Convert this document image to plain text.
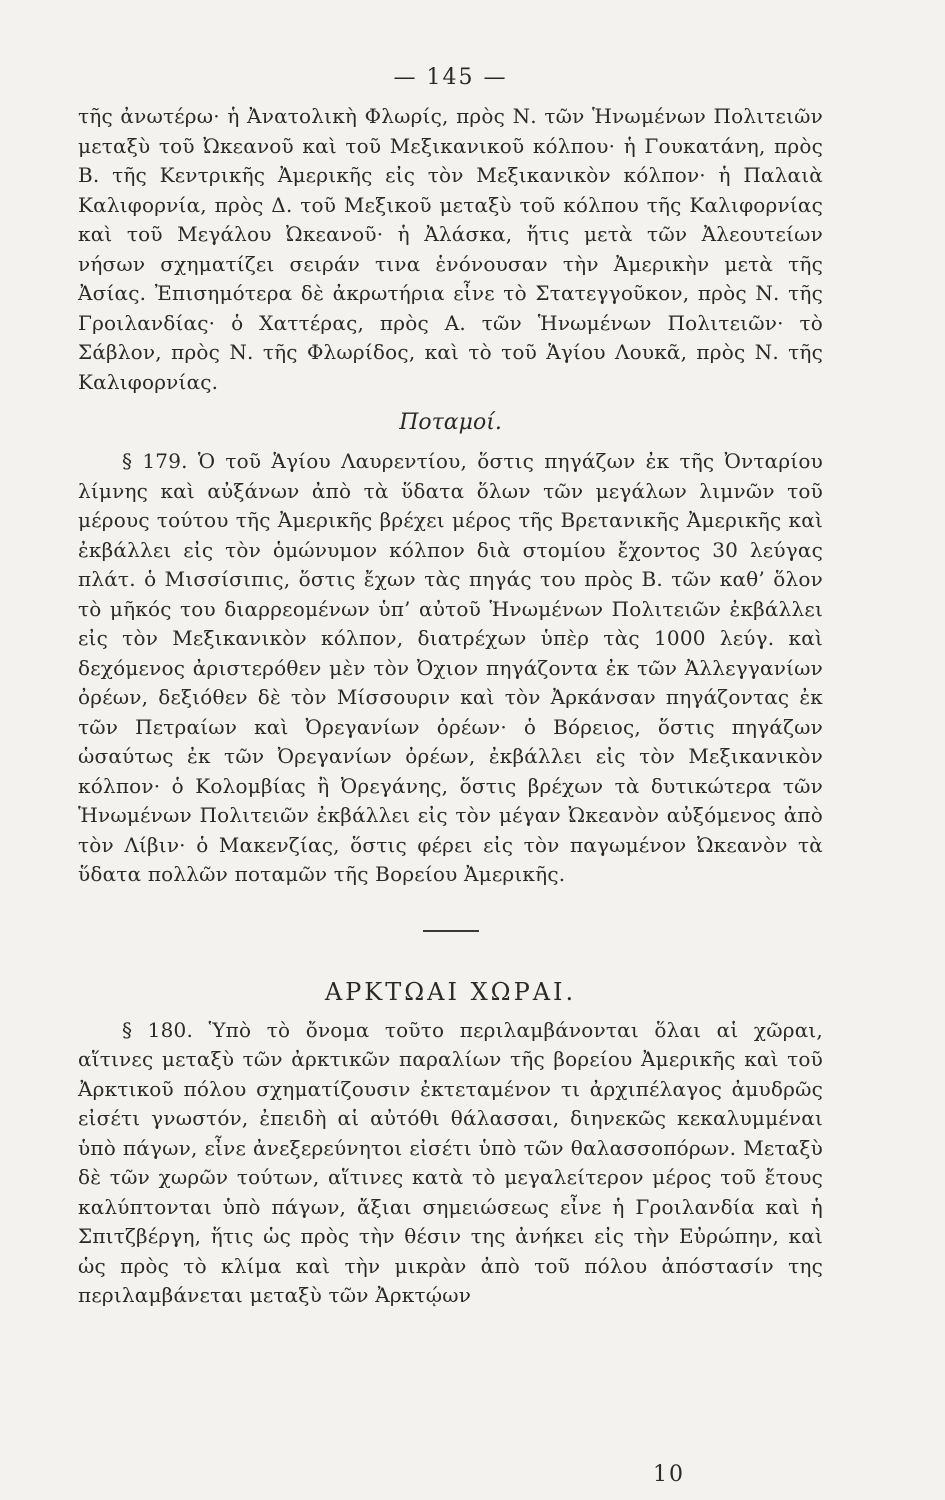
— 145 —

τῆς ἀνωτέρω· ἡ Ἀνατολικὴ Φλωρίς, πρὸς Ν. τῶν Ἡνωμένων Πολιτειῶν μεταξὺ τοῦ Ὠκεανοῦ καὶ τοῦ Μεξικανικοῦ κόλπου· ἡ Γουκατάνη, πρὸς Β. τῆς Κεντρικῆς Ἀμερικῆς εἰς τὸν Μεξικανικὸν κόλπον· ἡ Παλαιὰ Καλιφορνία, πρὸς Δ. τοῦ Μεξικοῦ μεταξὺ τοῦ κόλπου τῆς Καλιφορνίας καὶ τοῦ Μεγάλου Ὠκεανοῦ· ἡ Ἀλάσκα, ἥτις μετὰ τῶν Ἀλεουτείων νήσων σχηματίζει σειράν τινα ἑνόνουσαν τὴν Ἀμερικὴν μετὰ τῆς Ἀσίας. Ἐπισημότερα δὲ ἀκρωτήρια εἶνε τὸ Στατεγγοῦκον, πρὸς Ν. τῆς Γροιλανδίας· ὁ Χαττέρας, πρὸς Α. τῶν Ἡνωμένων Πολιτειῶν· τὸ Σάβλον, πρὸς Ν. τῆς Φλωρίδος, καὶ τὸ τοῦ Ἁγίου Λουκᾶ, πρὸς Ν. τῆς Καλιφορνίας.

Ποταμοί.

§ 179. Ὁ τοῦ Ἁγίου Λαυρεντίου, ὅστις πηγάζων ἐκ τῆς Ὀνταρίου λίμνης καὶ αὐξάνων ἀπὸ τὰ ὕδατα ὅλων τῶν μεγάλων λιμνῶν τοῦ μέρους τούτου τῆς Ἀμερικῆς βρέχει μέρος τῆς Βρετανικῆς Ἀμερικῆς καὶ ἐκβάλλει εἰς τὸν ὁμώνυμον κόλπον διὰ στομίου ἔχοντος 30 λεύγας πλάτ. ὁ Μισσίσιπις, ὅστις ἔχων τὰς πηγάς του πρὸς Β. τῶν καθ’ ὅλον τὸ μῆκός του διαρρεομένων ὑπ’ αὐτοῦ Ἡνωμένων Πολιτειῶν ἐκβάλλει εἰς τὸν Μεξικανικὸν κόλπον, διατρέχων ὑπὲρ τὰς 1000 λεύγ. καὶ δεχόμενος ἀριστερόθεν μὲν τὸν Ὀχιον πηγάζοντα ἐκ τῶν Ἀλλεγγανίων ὀρέων, δεξιόθεν δὲ τὸν Μίσσουριν καὶ τὸν Ἀρκάνσαν πηγάζοντας ἐκ τῶν Πετραίων καὶ Ὀρεγανίων ὀρέων· ὁ Βόρειος, ὅστις πηγάζων ὡσαύτως ἐκ τῶν Ὀρεγανίων ὀρέων, ἐκβάλλει εἰς τὸν Μεξικανικὸν κόλπον· ὁ Κολομβίας ἢ Ὀρεγάνης, ὅστις βρέχων τὰ δυτικώτερα τῶν Ἡνωμένων Πολιτειῶν ἐκβάλλει εἰς τὸν μέγαν Ὠκεανὸν αὐξόμενος ἀπὸ τὸν Λίβιν· ὁ Μακενζίας, ὅστις φέρει εἰς τὸν παγωμένον Ὠκεανὸν τὰ ὕδατα πολλῶν ποταμῶν τῆς Βορείου Ἀμερικῆς.

ΑΡΚΤΩΑΙ ΧΩΡΑΙ.

§ 180. Ὑπὸ τὸ ὄνομα τοῦτο περιλαμβάνονται ὅλαι αἱ χῶραι, αἵτινες μεταξὺ τῶν ἀρκτικῶν παραλίων τῆς βορείου Ἀμερικῆς καὶ τοῦ Ἀρκτικοῦ πόλου σχηματίζουσιν ἐκτεταμένον τι ἀρχιπέλαγος ἀμυδρῶς εἰσέτι γνωστόν, ἐπειδὴ αἱ αὐτόθι θάλασσαι, διηνεκῶς κεκαλυμμέναι ὑπὸ πάγων, εἶνε ἀνεξερεύνητοι εἰσέτι ὑπὸ τῶν θαλασσοπόρων. Μεταξὺ δὲ τῶν χωρῶν τούτων, αἵτινες κατὰ τὸ μεγαλείτερον μέρος τοῦ ἔτους καλύπτονται ὑπὸ πάγων, ἄξιαι σημειώσεως εἶνε ἡ Γροιλανδία καὶ ἡ Σπιτζβέργη, ἥτις ὡς πρὸς τὴν θέσιν της ἀνήκει εἰς τὴν Εὐρώπην, καὶ ὡς πρὸς τὸ κλίμα καὶ τὴν μικρὰν ἀπὸ τοῦ πόλου ἀπόστασίν της περιλαμβάνεται μεταξὺ τῶν Ἀρκτῴων

10
